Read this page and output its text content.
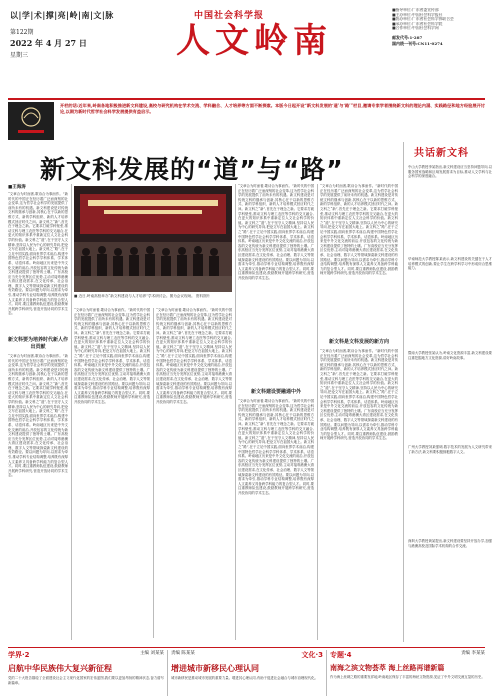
以|学|术|撑|亮|岭|南|文|脉
第122期
2022 年 4 月 27 日
星期三
中国社会科学报
人文岭南
■指导单位:广东省委宣传部
■主办单位:中国社会科学报社
■协办单位:广东省社会科学界联合会
■承办单位:广东省社会科学院
■合作单位:中国社会科学网
邮发代号:1-287
国内统一刊号:CN11-0274
开栏的话:近年来,岭南各地积极推进新文科建设,高校与研究机构在学术交流、学科融合、人才培养等方面不断探索。本版今日起开设“新文科发展的‘道’与‘路’”栏目,邀请专家学者围绕新文科的理论内涵、实践路径和地方经验展开讨论,以期为新时代哲学社会科学发展提供有益启示。
新文科发展的“道”与“路”
共话新文科
中山大学教授李某指出,新文科建设应当坚持问题导向,以服务国家战略和区域发展需求为目标,推动人文学科与社会科学的深度融合。
华南师范大学教授陈某表示,新文科建设的关键在于人才培养模式的创新,要让学生在跨学科学习中形成综合思维能力。
暨南大学教授张某认为,岭南文化资源丰富,新文科建设要注重挖掘地方文化资源,讲好岭南故事。
广州大学教授刘某强调,数字技术的发展为人文研究带来了新方法,新文科要积极拥抱数字人文。
深圳大学教授黄某提出,新文科建设要坚持开放办学,加强与港澳高校及国际学术机构的合作交流。
■王海涛
“文章合为时而著,歌诗合为事而作。”新时代的中国正在经历着广泛而深刻的社会变革,这为哲学社会科学的发展提供了前所未有的机遇。新文科建设是对传统文科的继承与创新,其核心在于以新的思维方式、新的学科组织、新的人才培养模式回应时代之问。新文科之“新”,首先在于理念之新。它要求打破学科壁垒,推动文科与理工农医等学科的交叉融合,在更大的知识体系中重新定位人文社会科学的价值。新文科之“道”,在于坚守人文精神,坚持以人民为中心的研究导向,把论文写在祖国大地上。新文科之“路”,在于立足中国实践,面向世界学术前沿,构建中国特色哲学社会科学学科体系、学术体系、话语体系。岭南地区历来是中外文化交流的前沿,开放包容的文化传统为新文科建设提供了独特的土壤。广东高校应当充分发挥区位优势,主动对接粤港澳大湾区建设需求,在文化传承、社会治理、数字人文等领域探索新文科建设的有效路径。要以问题为导向,以需求为牵引,推动学科专业结构调整,培养既有深厚人文素养又具备跨学科能力的复合型人才。同时,要注重教师队伍建设,鼓励教师开展跨学科研究,营造开放协同的学术生态。
新文科要为培养时代新人作出贡献
“文章合为时而著,歌诗合为事而作。”新时代的中国正在经历着广泛而深刻的社会变革,这为哲学社会科学的发展提供了前所未有的机遇。新文科建设是对传统文科的继承与创新,其核心在于以新的思维方式、新的学科组织、新的人才培养模式回应时代之问。新文科之“新”,首先在于理念之新。它要求打破学科壁垒,推动文科与理工农医等学科的交叉融合,在更大的知识体系中重新定位人文社会科学的价值。新文科之“道”,在于坚守人文精神,坚持以人民为中心的研究导向,把论文写在祖国大地上。新文科之“路”,在于立足中国实践,面向世界学术前沿,构建中国特色哲学社会科学学科体系、学术体系、话语体系。岭南地区历来是中外文化交流的前沿,开放包容的文化传统为新文科建设提供了独特的土壤。广东高校应当充分发挥区位优势,主动对接粤港澳大湾区建设需求,在文化传承、社会治理、数字人文等领域探索新文科建设的有效路径。要以问题为导向,以需求为牵引,推动学科专业结构调整,培养既有深厚人文素养又具备跨学科能力的复合型人才。同时,要注重教师队伍建设,鼓励教师开展跨学科研究,营造开放协同的学术生态。
■ 近日,岭南高校举办“新文科建设与人才培养”学术研讨会。图为会议现场。 资料图片
“文章合为时而著,歌诗合为事而作。”新时代的中国正在经历着广泛而深刻的社会变革,这为哲学社会科学的发展提供了前所未有的机遇。新文科建设是对传统文科的继承与创新,其核心在于以新的思维方式、新的学科组织、新的人才培养模式回应时代之问。新文科之“新”,首先在于理念之新。它要求打破学科壁垒,推动文科与理工农医等学科的交叉融合,在更大的知识体系中重新定位人文社会科学的价值。新文科之“道”,在于坚守人文精神,坚持以人民为中心的研究导向,把论文写在祖国大地上。新文科之“路”,在于立足中国实践,面向世界学术前沿,构建中国特色哲学社会科学学科体系、学术体系、话语体系。岭南地区历来是中外文化交流的前沿,开放包容的文化传统为新文科建设提供了独特的土壤。广东高校应当充分发挥区位优势,主动对接粤港澳大湾区建设需求,在文化传承、社会治理、数字人文等领域探索新文科建设的有效路径。要以问题为导向,以需求为牵引,推动学科专业结构调整,培养既有深厚人文素养又具备跨学科能力的复合型人才。同时,要注重教师队伍建设,鼓励教师开展跨学科研究,营造开放协同的学术生态。
“文章合为时而著,歌诗合为事而作。”新时代的中国正在经历着广泛而深刻的社会变革,这为哲学社会科学的发展提供了前所未有的机遇。新文科建设是对传统文科的继承与创新,其核心在于以新的思维方式、新的学科组织、新的人才培养模式回应时代之问。新文科之“新”,首先在于理念之新。它要求打破学科壁垒,推动文科与理工农医等学科的交叉融合,在更大的知识体系中重新定位人文社会科学的价值。新文科之“道”,在于坚守人文精神,坚持以人民为中心的研究导向,把论文写在祖国大地上。新文科之“路”,在于立足中国实践,面向世界学术前沿,构建中国特色哲学社会科学学科体系、学术体系、话语体系。岭南地区历来是中外文化交流的前沿,开放包容的文化传统为新文科建设提供了独特的土壤。广东高校应当充分发挥区位优势,主动对接粤港澳大湾区建设需求,在文化传承、社会治理、数字人文等领域探索新文科建设的有效路径。要以问题为导向,以需求为牵引,推动学科专业结构调整,培养既有深厚人文素养又具备跨学科能力的复合型人才。同时,要注重教师队伍建设,鼓励教师开展跨学科研究,营造开放协同的学术生态。
“文章合为时而著,歌诗合为事而作。”新时代的中国正在经历着广泛而深刻的社会变革,这为哲学社会科学的发展提供了前所未有的机遇。新文科建设是对传统文科的继承与创新,其核心在于以新的思维方式、新的学科组织、新的人才培养模式回应时代之问。新文科之“新”,首先在于理念之新。它要求打破学科壁垒,推动文科与理工农医等学科的交叉融合,在更大的知识体系中重新定位人文社会科学的价值。新文科之“道”,在于坚守人文精神,坚持以人民为中心的研究导向,把论文写在祖国大地上。新文科之“路”,在于立足中国实践,面向世界学术前沿,构建中国特色哲学社会科学学科体系、学术体系、话语体系。岭南地区历来是中外文化交流的前沿,开放包容的文化传统为新文科建设提供了独特的土壤。广东高校应当充分发挥区位优势,主动对接粤港澳大湾区建设需求,在文化传承、社会治理、数字人文等领域探索新文科建设的有效路径。要以问题为导向,以需求为牵引,推动学科专业结构调整,培养既有深厚人文素养又具备跨学科能力的复合型人才。同时,要注重教师队伍建设,鼓励教师开展跨学科研究,营造开放协同的学术生态。
新文科建设要融通中外
“文章合为时而著,歌诗合为事而作。”新时代的中国正在经历着广泛而深刻的社会变革,这为哲学社会科学的发展提供了前所未有的机遇。新文科建设是对传统文科的继承与创新,其核心在于以新的思维方式、新的学科组织、新的人才培养模式回应时代之问。新文科之“新”,首先在于理念之新。它要求打破学科壁垒,推动文科与理工农医等学科的交叉融合,在更大的知识体系中重新定位人文社会科学的价值。新文科之“道”,在于坚守人文精神,坚持以人民为中心的研究导向,把论文写在祖国大地上。新文科之“路”,在于立足中国实践,面向世界学术前沿,构建中国特色哲学社会科学学科体系、学术体系、话语体系。岭南地区历来是中外文化交流的前沿,开放包容的文化传统为新文科建设提供了独特的土壤。广东高校应当充分发挥区位优势,主动对接粤港澳大湾区建设需求,在文化传承、社会治理、数字人文等领域探索新文科建设的有效路径。要以问题为导向,以需求为牵引,推动学科专业结构调整,培养既有深厚人文素养又具备跨学科能力的复合型人才。同时,要注重教师队伍建设,鼓励教师开展跨学科研究,营造开放协同的学术生态。
“文章合为时而著,歌诗合为事而作。”新时代的中国正在经历着广泛而深刻的社会变革,这为哲学社会科学的发展提供了前所未有的机遇。新文科建设是对传统文科的继承与创新,其核心在于以新的思维方式、新的学科组织、新的人才培养模式回应时代之问。新文科之“新”,首先在于理念之新。它要求打破学科壁垒,推动文科与理工农医等学科的交叉融合,在更大的知识体系中重新定位人文社会科学的价值。新文科之“道”,在于坚守人文精神,坚持以人民为中心的研究导向,把论文写在祖国大地上。新文科之“路”,在于立足中国实践,面向世界学术前沿,构建中国特色哲学社会科学学科体系、学术体系、话语体系。岭南地区历来是中外文化交流的前沿,开放包容的文化传统为新文科建设提供了独特的土壤。广东高校应当充分发挥区位优势,主动对接粤港澳大湾区建设需求,在文化传承、社会治理、数字人文等领域探索新文科建设的有效路径。要以问题为导向,以需求为牵引,推动学科专业结构调整,培养既有深厚人文素养又具备跨学科能力的复合型人才。同时,要注重教师队伍建设,鼓励教师开展跨学科研究,营造开放协同的学术生态。
新文科是文科发展的新方向
“文章合为时而著,歌诗合为事而作。”新时代的中国正在经历着广泛而深刻的社会变革,这为哲学社会科学的发展提供了前所未有的机遇。新文科建设是对传统文科的继承与创新,其核心在于以新的思维方式、新的学科组织、新的人才培养模式回应时代之问。新文科之“新”,首先在于理念之新。它要求打破学科壁垒,推动文科与理工农医等学科的交叉融合,在更大的知识体系中重新定位人文社会科学的价值。新文科之“道”,在于坚守人文精神,坚持以人民为中心的研究导向,把论文写在祖国大地上。新文科之“路”,在于立足中国实践,面向世界学术前沿,构建中国特色哲学社会科学学科体系、学术体系、话语体系。岭南地区历来是中外文化交流的前沿,开放包容的文化传统为新文科建设提供了独特的土壤。广东高校应当充分发挥区位优势,主动对接粤港澳大湾区建设需求,在文化传承、社会治理、数字人文等领域探索新文科建设的有效路径。要以问题为导向,以需求为牵引,推动学科专业结构调整,培养既有深厚人文素养又具备跨学科能力的复合型人才。同时,要注重教师队伍建设,鼓励教师开展跨学科研究,营造开放协同的学术生态。
学界·2	主编 刘某某
启航中华民族伟大复兴新征程
党的二十大报告描绘了全面建设社会主义现代化国家的宏伟蓝图,我们要以更加昂扬的精神状态,奋力谱写新篇章。
责编 陈某某	文化·3
增进城市新移民心理认同
城市新移民是推动城市发展的重要力量。增进其心理认同,有助于促进社会融合与城市治理现代化。
专题·4	责编 李某某
南海之滨文物荟萃 海上丝路再谱新篇
作为海上丝绸之路的重要发祥地,岭南地区保存了丰富的海丝文物资源,见证了中外文明交流互鉴的历史。
